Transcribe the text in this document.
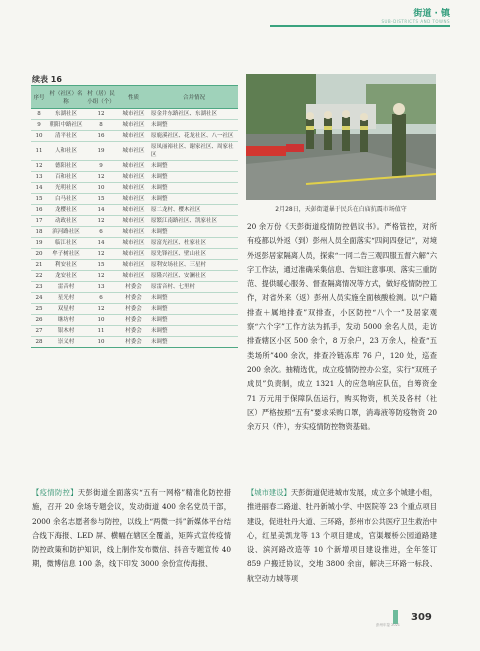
街道 · 镇
SUB-DISTRICTS AND TOWNS
续表 16
序号	村（社区）名称	村（居）民小组（个）	性质	合并情况
8	东湖社区	12	城市社区	原金井东路社区、东湖社区
9	朝阳中路社区	8	城市社区	未调整
10	清平社区	16	城市社区	原鹿溪社区、花龙社区、八一社区
11	人和社区	19	城市社区	原凤丽裕社区、谢家社区、周家社区
12	德阳社区	9	城市社区	未调整
13	百和社区	12	城市社区	未调整
14	光明社区	10	城市社区	未调整
15	白马社区	15	城市社区	未调整
16	龙樱社区	14	城市社区	原二龙村、樱木社区
17	动政社区	12	城市社区	原繁江南路社区、凯家社区
18	滨河路社区	6	城市社区	未调整
19	临江社区	14	城市社区	原富光社区、杜家社区
20	牟子树社区	12	城市社区	原先锋社区、壁山社区
21	利安社区	15	城市社区	原利安场社区、三星村
22	龙安社区	12	城市社区	原隆兴社区、安澜社区
23	雷音村	13	村委会	原雷音村、七里村
24	星光村	6	村委会	未调整
25	双星村	12	村委会	未调整
26	继坊村	10	村委会	未调整
27	银木村	11	村委会	未调整
28	崇义村	10	村委会	未调整
2月28日，天彭街道暴于民兵在白庙抗震市场值守
20 余万份《天彭街道疫情防控倡议书》。严格管控，对所有疫都以外返（到）彭州人员全面落实“四间四登记”，对境外返彭居家隔离人员，探索“一同二告三观四服五督六解”六字工作法，通过准确采集信息、告知注意事项、落实三重防范、提供暖心服务、督查隔离情况等方式，做好疫情防控工作，对省外来（返）彭州人员实施全面核酸检测。以“户籍排查＋属地排查”双排查，小区防控“八个一”及居家观察“六个字”工作方法为抓手，发动 5000 余名人员，走访排查辖区小区 500 余个，8 万余户，23 万余人，检查“五类场所”400 余次，排查冷链冻库 76 户，120 处，巡查 200 余次。抽精选优，成立疫情防控办公室，实行“双班子成员”负责制，成立 1321 人的应急响应队伍，自筹资金 71 万元用于保障队伍运行，购买物资，机关及各村（社区）严格按照“五有”要求采购口罩，消毒液等防疫物资 20 余万只（件），夯实疫情防控物资基础。
【疫情防控】天彭街道全面落实“五有一网格”精准化防控措施，召开 20 余场专题会议，发动街道 400 余名党员干部，2000 余名志愿者参与防控，以线上“两微一抖”新媒体平台结合线下海报、LED 屏、横幅在辖区全覆盖，矩阵式宣传疫情防控政策和防护知识，线上制作发布微信、抖音专题宣传 40 期，微博信息 100 条，线下印发 3000 余份宣传海报、
【城市建设】天彭街道促进城市发展，成立多个城建小组，推进丽春二路道、牡丹新城小学、中医院等 23 个重点项目建设，促进牡丹大道、三环路，彭州市公共医疗卫生救治中心，红星美凯龙等 13 个项目建成，官渠堰桥公园道路建设、滨河路改造等 10 个新增项目建设推进，全年签订 859 户搬迁协议，交地 3800 余亩，解决三环路一标段、航空动力城等项
309
彭州年鉴 2021
